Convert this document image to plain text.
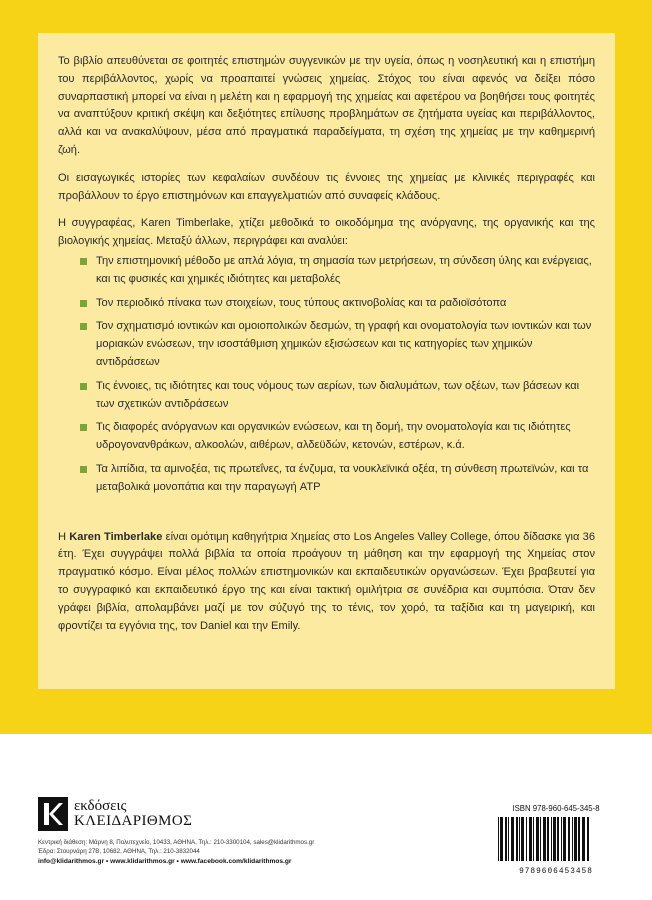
Το βιβλίο απευθύνεται σε φοιτητές επιστημών συγγενικών με την υγεία, όπως η νοσηλευτική και η επιστήμη του περιβάλλοντος, χωρίς να προαπαιτεί γνώσεις χημείας. Στόχος του είναι αφενός να δείξει πόσο συναρπαστική μπορεί να είναι η μελέτη και η εφαρμογή της χημείας και αφετέρου να βοηθήσει τους φοιτητές να αναπτύξουν κριτική σκέψη και δεξιότητες επίλυσης προβλημάτων σε ζητήματα υγείας και περιβάλλοντος, αλλά και να ανακαλύψουν, μέσα από πραγματικά παραδείγματα, τη σχέση της χημείας με την καθημερινή ζωή.

Οι εισαγωγικές ιστορίες των κεφαλαίων συνδέουν τις έννοιες της χημείας με κλινικές περιγραφές και προβάλλουν το έργο επιστημόνων και επαγγελματιών από συναφείς κλάδους.

Η συγγραφέας, Karen Timberlake, χτίζει μεθοδικά το οικοδόμημα της ανόργανης, της οργανικής και της βιολογικής χημείας. Μεταξύ άλλων, περιγράφει και αναλύει:

Την επιστημονική μέθοδο με απλά λόγια, τη σημασία των μετρήσεων, τη σύνδεση ύλης και ενέργειας, και τις φυσικές και χημικές ιδιότητες και μεταβολές
Τον περιοδικό πίνακα των στοιχείων, τους τύπους ακτινοβολίας και τα ραδιοϊσότοπα
Τον σχηματισμό ιοντικών και ομοιοπολικών δεσμών, τη γραφή και ονοματολογία των ιοντικών και των μοριακών ενώσεων, την ισοστάθμιση χημικών εξισώσεων και τις κατηγορίες των χημικών αντιδράσεων
Τις έννοιες, τις ιδιότητες και τους νόμους των αερίων, των διαλυμάτων, των οξέων, των βάσεων και των σχετικών αντιδράσεων
Τις διαφορές ανόργανων και οργανικών ενώσεων, και τη δομή, την ονοματολογία και τις ιδιότητες υδρογονανθράκων, αλκοολών, αιθέρων, αλδεϋδών, κετονών, εστέρων, κ.ά.
Τα λιπίδια, τα αμινοξέα, τις πρωτεΐνες, τα ένζυμα, τα νουκλεϊνικά οξέα, τη σύνθεση πρωτεϊνών, και τα μεταβολικά μονοπάτια και την παραγωγή ATP

Η Karen Timberlake είναι ομότιμη καθηγήτρια Χημείας στο Los Angeles Valley College, όπου δίδασκε για 36 έτη. Έχει συγγράψει πολλά βιβλία τα οποία προάγουν τη μάθηση και την εφαρμογή της Χημείας στον πραγματικό κόσμο. Είναι μέλος πολλών επιστημονικών και εκπαιδευτικών οργανώσεων. Έχει βραβευτεί για το συγγραφικό και εκπαιδευτικό έργο της και είναι τακτική ομιλήτρια σε συνέδρια και συμπόσια. Όταν δεν γράφει βιβλία, απολαμβάνει μαζί με τον σύζυγό της το τένις, τον χορό, τα ταξίδια και τη μαγειρική, και φροντίζει τα εγγόνια της, τον Daniel και την Emily.

εκδόσεις
ΚΛΕΙΔΑΡΙΘΜΟΣ
Κεντρική διάθεση: Μάρνη 8, Πολυτεχνείο, 10433, ΑΘΗΝΑ, Τηλ.: 210-3300104, sales@klidarithmos.gr
Έδρα: Στουρνάρη 27Β, 10682, ΑΘΗΝΑ, Τηλ.: 210-3832044
info@klidarithmos.gr • www.klidarithmos.gr • www.facebook.com/klidarithmos.gr
ISBN 978-960-645-345-8
9789606453458
